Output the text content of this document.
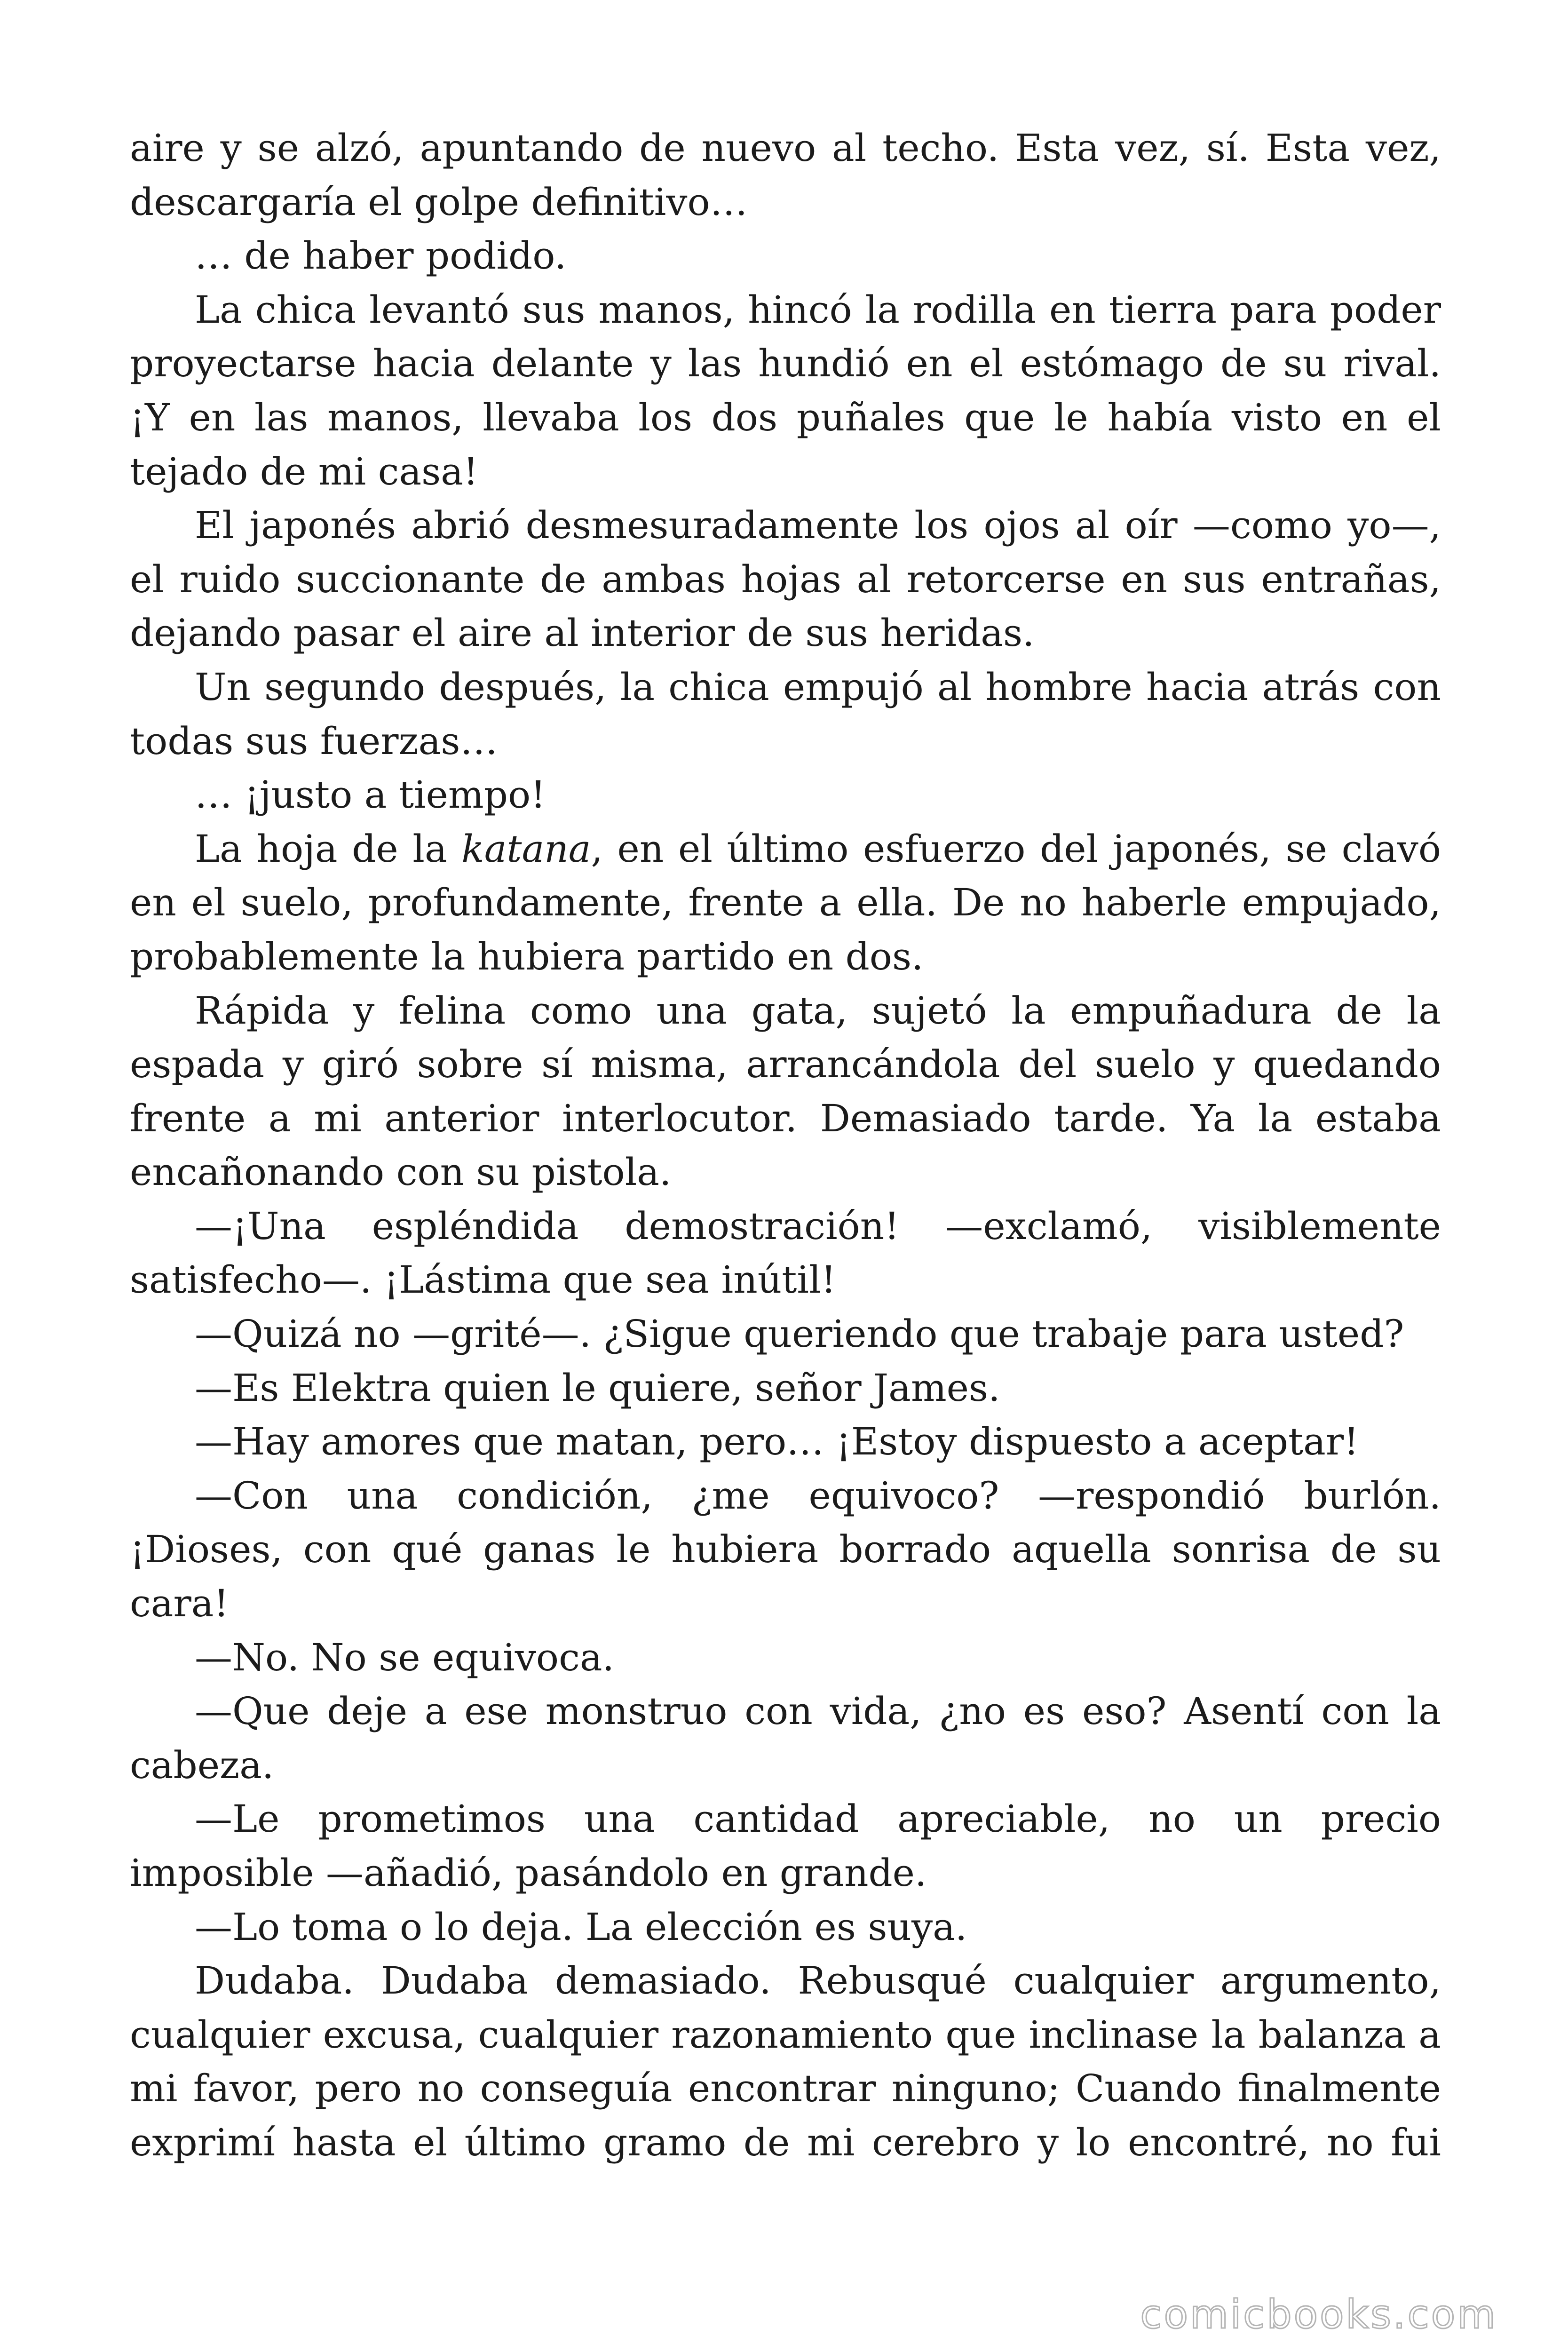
aire y se alzó, apuntando de nuevo al techo. Esta vez, sí. Esta vez, descargaría el golpe definitivo…

… de haber podido.

La chica levantó sus manos, hincó la rodilla en tierra para poder proyectarse hacia delante y las hundió en el estómago de su rival. ¡Y en las manos, llevaba los dos puñales que le había visto en el tejado de mi casa!

El japonés abrió desmesuradamente los ojos al oír —como yo—, el ruido succionante de ambas hojas al retorcerse en sus entrañas, dejando pasar el aire al interior de sus heridas.

Un segundo después, la chica empujó al hombre hacia atrás con todas sus fuerzas…

… ¡justo a tiempo!

La hoja de la katana, en el último esfuerzo del japonés, se clavó en el suelo, profundamente, frente a ella. De no haberle empujado, probablemente la hubiera partido en dos.

Rápida y felina como una gata, sujetó la empuñadura de la espada y giró sobre sí misma, arrancándola del suelo y quedando frente a mi anterior interlocutor. Demasiado tarde. Ya la estaba encañonando con su pistola.

—¡Una espléndida demostración! —exclamó, visiblemente satisfecho—. ¡Lástima que sea inútil!

—Quizá no —grité—. ¿Sigue queriendo que trabaje para usted?

—Es Elektra quien le quiere, señor James.

—Hay amores que matan, pero… ¡Estoy dispuesto a aceptar!

—Con una condición, ¿me equivoco? —respondió burlón. ¡Dioses, con qué ganas le hubiera borrado aquella sonrisa de su cara!

—No. No se equivoca.

—Que deje a ese monstruo con vida, ¿no es eso? Asentí con la cabeza.

—Le prometimos una cantidad apreciable, no un precio imposible —añadió, pasándolo en grande.

—Lo toma o lo deja. La elección es suya.

Dudaba. Dudaba demasiado. Rebusqué cualquier argumento, cualquier excusa, cualquier razonamiento que inclinase la balanza a mi favor, pero no conseguía encontrar ninguno; Cuando finalmente exprimí hasta el último gramo de mi cerebro y lo encontré, no fui

comicbooks.com
